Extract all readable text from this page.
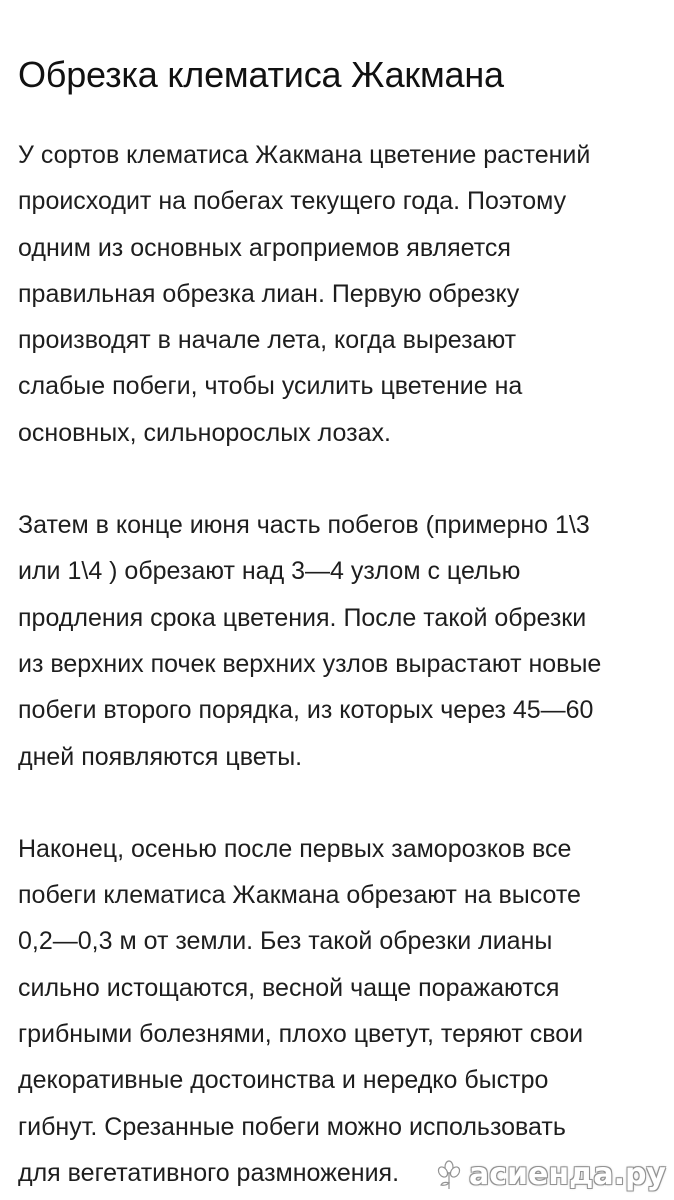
Обрезка клематиса Жакмана

У сортов клематиса Жакмана цветение растений
происходит на побегах текущего года. Поэтому
одним из основных агроприемов является
правильная обрезка лиан. Первую обрезку
производят в начале лета, когда вырезают
слабые побеги, чтобы усилить цветение на
основных, сильнорослых лозах.

Затем в конце июня часть побегов (примерно 1\3
или 1\4 ) обрезают над 3—4 узлом с целью
продления срока цветения. После такой обрезки
из верхних почек верхних узлов вырастают новые
побеги второго порядка, из которых через 45—60
дней появляются цветы.

Наконец, осенью после первых заморозков все
побеги клематиса Жакмана обрезают на высоте
0,2—0,3 м от земли. Без такой обрезки лианы
сильно истощаются, весной чаще поражаются
грибными болезнями, плохо цветут, теряют свои
декоративные достоинства и нередко быстро
гибнут. Срезанные побеги можно использовать
для вегетативного размножения.	асиенда.ру
